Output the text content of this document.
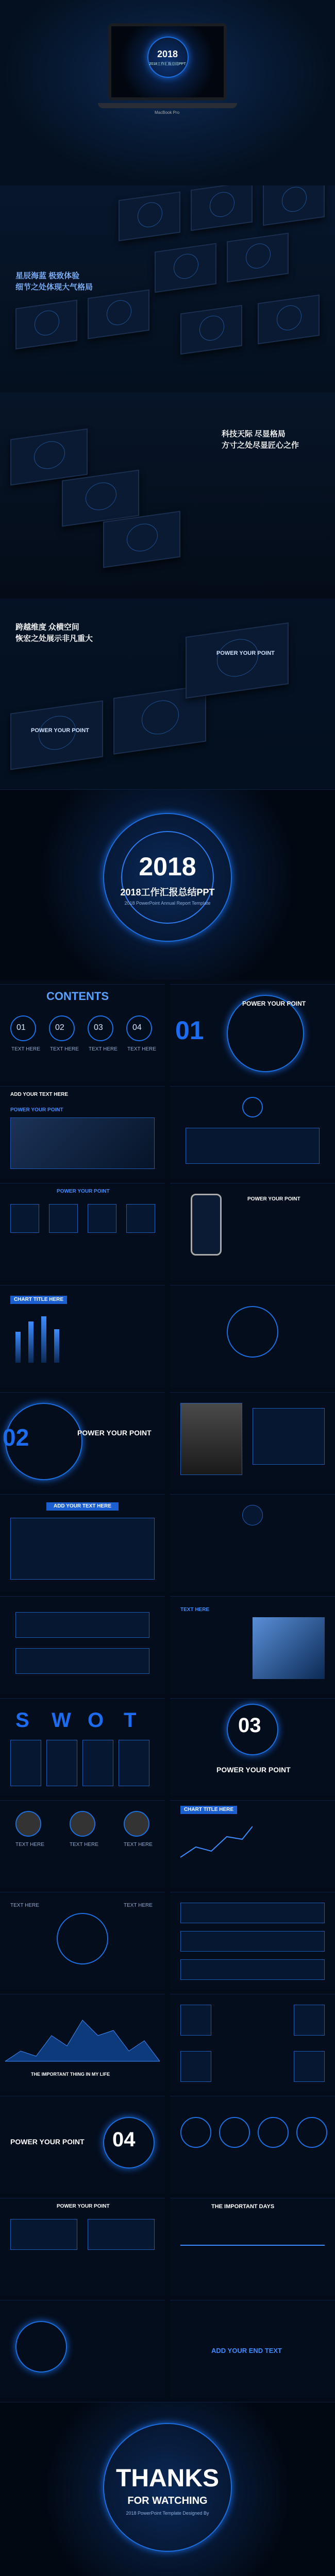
2018
2018工作汇报总结PPT
MacBook Pro
星辰海蓝 极致体验
细节之处体现大气格局
科技天际 尽显格局
方寸之处尽显匠心之作
跨越维度 众横空间
恢宏之处展示非凡重大
POWER YOUR POINT
POWER YOUR POINT
2018
2018工作汇报总结PPT
2018 PowerPoint Annual Report Template
CONTENTS
01	02	03	04
TEXT HERE TEXT HERE TEXT HERE TEXT HERE
01
POWER YOUR POINT
ADD YOUR TEXT HERE
POWER YOUR POINT
POWER YOUR POINT
POWER YOUR POINT
CHART TITLE HERE
02	POWER YOUR POINT
ADD YOUR TEXT HERE
TEXT HERE
S W O T	03
POWER YOUR POINT
TEXT HERE	TEXT HERE	TEXT HERE
CHART TITLE HERE
TEXT HERE	TEXT HERE
THE IMPORTANT THING IN MY LIFE
POWER YOUR POINT 04
POWER YOUR POINT	THE IMPORTANT DAYS
ADD YOUR END TEXT
THANKS
FOR WATCHING
2018 PowerPoint Template Designed By
